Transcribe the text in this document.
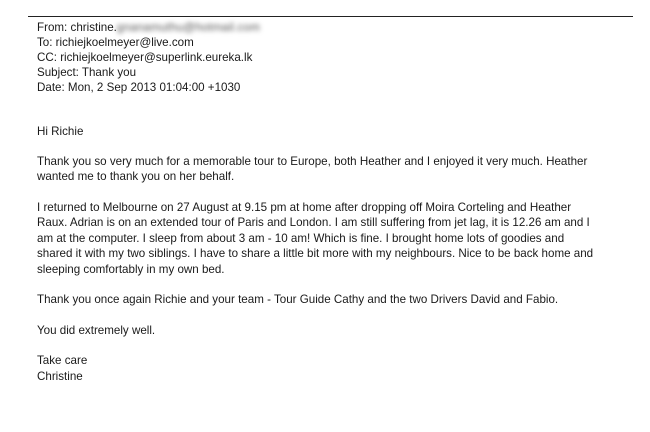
From: christine.gnanamuthu@hotmail.com
To: richiejkoelmeyer@live.com
CC: richiejkoelmeyer@superlink.eureka.lk
Subject: Thank you
Date: Mon, 2 Sep 2013 01:04:00 +1030

Hi Richie

Thank you so very much for a memorable tour to Europe, both Heather and I enjoyed it very much. Heather

wanted me to thank you on her behalf.

I returned to Melbourne on 27 August at 9.15 pm at home after dropping off Moira Corteling and Heather

Raux. Adrian is on an extended tour of Paris and London. I am still suffering from jet lag, it is 12.26 am and I

am at the computer. I sleep from about 3 am - 10 am! Which is fine. I brought home lots of goodies and

shared it with my two siblings. I have to share a little bit more with my neighbours. Nice to be back home and

sleeping comfortably in my own bed.

Thank you once again Richie and your team - Tour Guide Cathy and the two Drivers David and Fabio.

You did extremely well.

Take care

Christine
